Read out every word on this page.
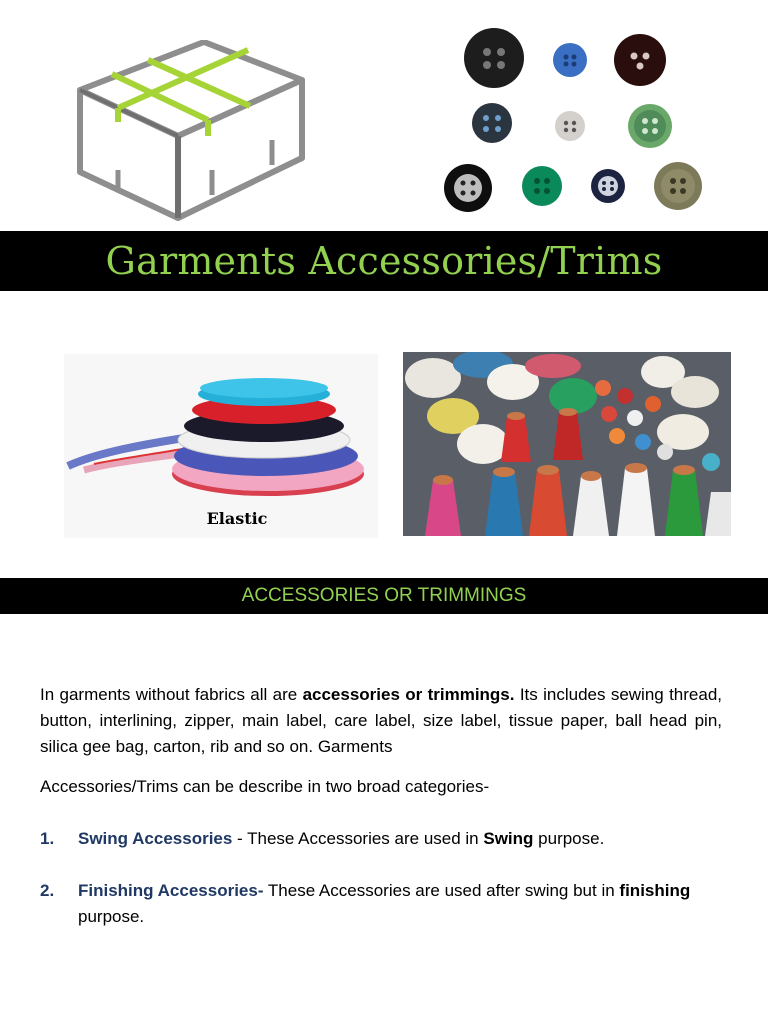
Garments Accessories/Trims
Elastic
ACCESSORIES OR TRIMMINGS

In garments without fabrics all are accessories or trimmings. Its includes sewing thread, button, interlining, zipper, main label, care label, size label, tissue paper, ball head pin, silica gee bag, carton, rib and so on. Garments

Accessories/Trims can be describe in two broad categories-

1.	Swing Accessories - These Accessories are used in Swing purpose.
2.	Finishing Accessories- These Accessories are used after swing but in finishing purpose.
